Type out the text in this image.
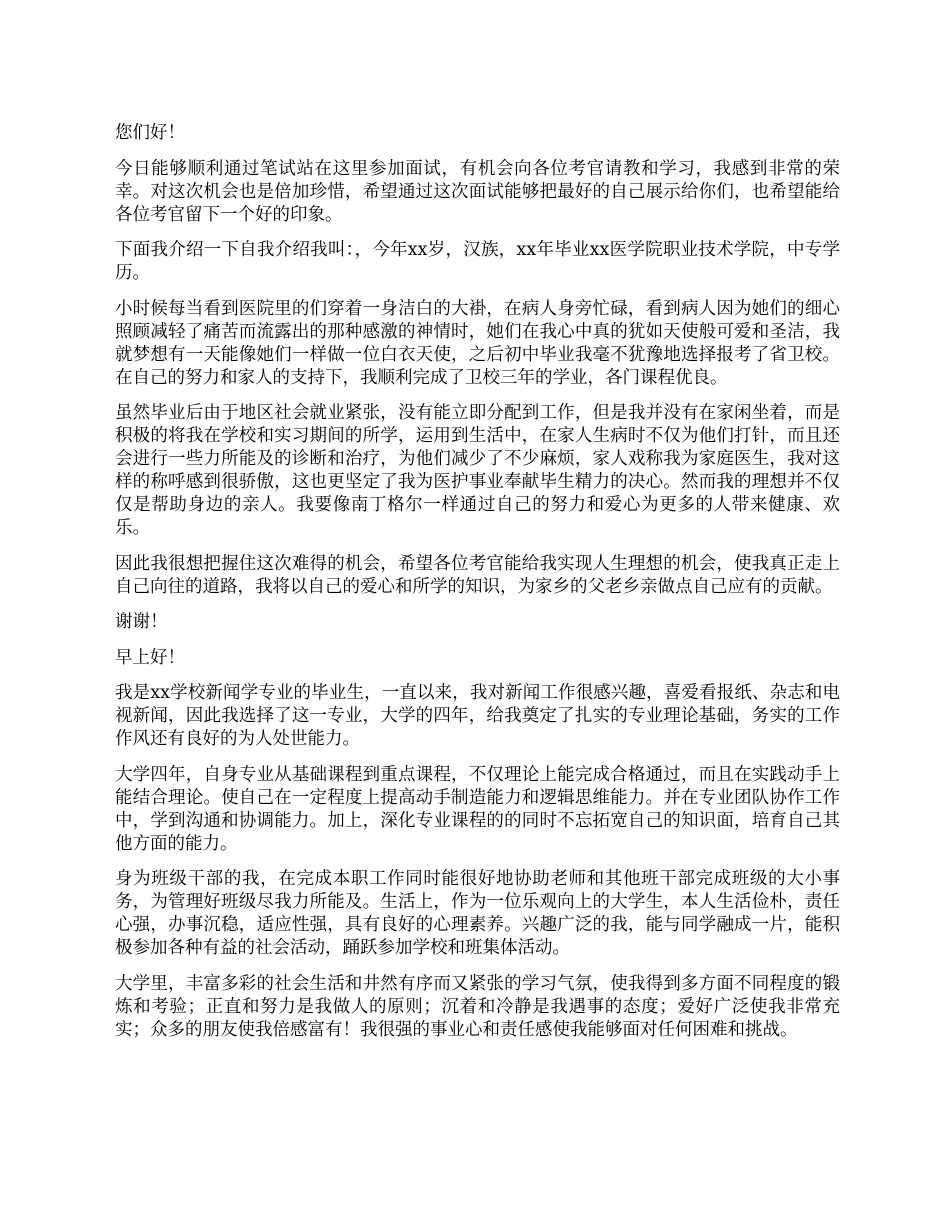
您们好！

今日能够顺利通过笔试站在这里参加面试，有机会向各位考官请教和学习，我感到非常的荣幸。对这次机会也是倍加珍惜，希望通过这次面试能够把最好的自己展示给你们，也希望能给各位考官留下一个好的印象。

下面我介绍一下自我介绍我叫：，今年xx岁，汉族，xx年毕业xx医学院职业技术学院，中专学历。

小时候每当看到医院里的们穿着一身洁白的大褂，在病人身旁忙碌，看到病人因为她们的细心照顾减轻了痛苦而流露出的那种感激的神情时，她们在我心中真的犹如天使般可爱和圣洁，我就梦想有一天能像她们一样做一位白衣天使，之后初中毕业我毫不犹豫地选择报考了省卫校。在自己的努力和家人的支持下，我顺利完成了卫校三年的学业，各门课程优良。

虽然毕业后由于地区社会就业紧张，没有能立即分配到工作，但是我并没有在家闲坐着，而是积极的将我在学校和实习期间的所学，运用到生活中，在家人生病时不仅为他们打针，而且还会进行一些力所能及的诊断和治疗，为他们减少了不少麻烦，家人戏称我为家庭医生，我对这样的称呼感到很骄傲，这也更坚定了我为医护事业奉献毕生精力的决心。然而我的理想并不仅仅是帮助身边的亲人。我要像南丁格尔一样通过自己的努力和爱心为更多的人带来健康、欢乐。

因此我很想把握住这次难得的机会，希望各位考官能给我实现人生理想的机会，使我真正走上自己向往的道路，我将以自己的爱心和所学的知识，为家乡的父老乡亲做点自己应有的贡献。

谢谢！

早上好！

我是xx学校新闻学专业的毕业生，一直以来，我对新闻工作很感兴趣，喜爱看报纸、杂志和电视新闻，因此我选择了这一专业，大学的四年，给我奠定了扎实的专业理论基础，务实的工作作风还有良好的为人处世能力。

大学四年，自身专业从基础课程到重点课程，不仅理论上能完成合格通过，而且在实践动手上能结合理论。使自己在一定程度上提高动手制造能力和逻辑思维能力。并在专业团队协作工作中，学到沟通和协调能力。加上，深化专业课程的的同时不忘拓宽自己的知识面，培育自己其他方面的能力。

身为班级干部的我，在完成本职工作同时能很好地协助老师和其他班干部完成班级的大小事务，为管理好班级尽我力所能及。生活上，作为一位乐观向上的大学生，本人生活俭朴，责任心强，办事沉稳，适应性强，具有良好的心理素养。兴趣广泛的我，能与同学融成一片，能积极参加各种有益的社会活动，踊跃参加学校和班集体活动。

大学里，丰富多彩的社会生活和井然有序而又紧张的学习气氛，使我得到多方面不同程度的锻炼和考验；正直和努力是我做人的原则；沉着和冷静是我遇事的态度；爱好广泛使我非常充实；众多的朋友使我倍感富有！我很强的事业心和责任感使我能够面对任何困难和挑战。
